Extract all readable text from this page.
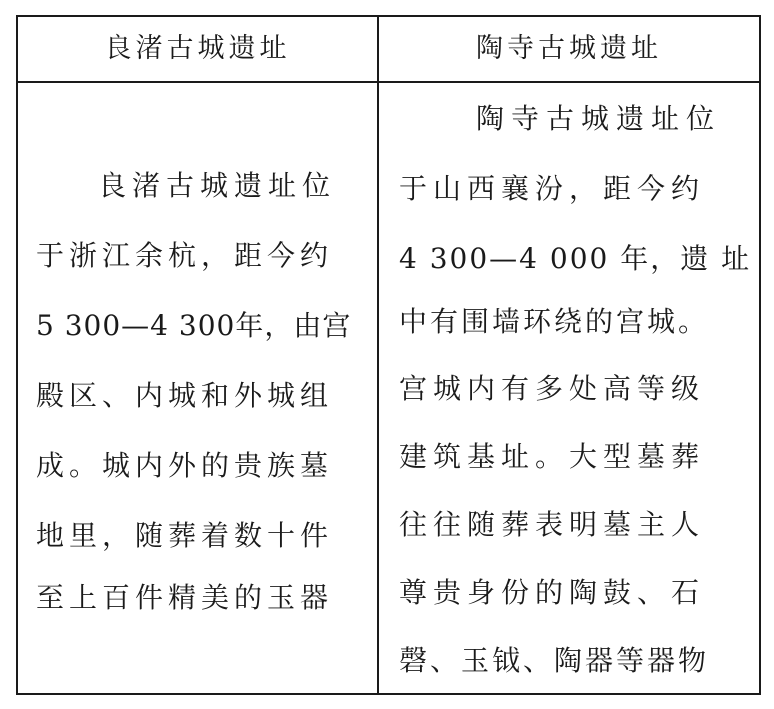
良渚古城遗址	陶寺古城遗址
良渚古城遗址位
于浙江余杭，距今约
5 300—4 300年，由宫
殿区、内城和外城组
成。城内外的贵族墓
地里，随葬着数十件
至上百件精美的玉器
陶寺古城遗址位
于山西襄汾，距今约
4 300—4 000 年，遗 址
中有围墙环绕的宫城。
宫城内有多处高等级
建筑基址。大型墓葬
往往随葬表明墓主人
尊贵身份的陶鼓、石
磬、玉钺、陶器等器物
